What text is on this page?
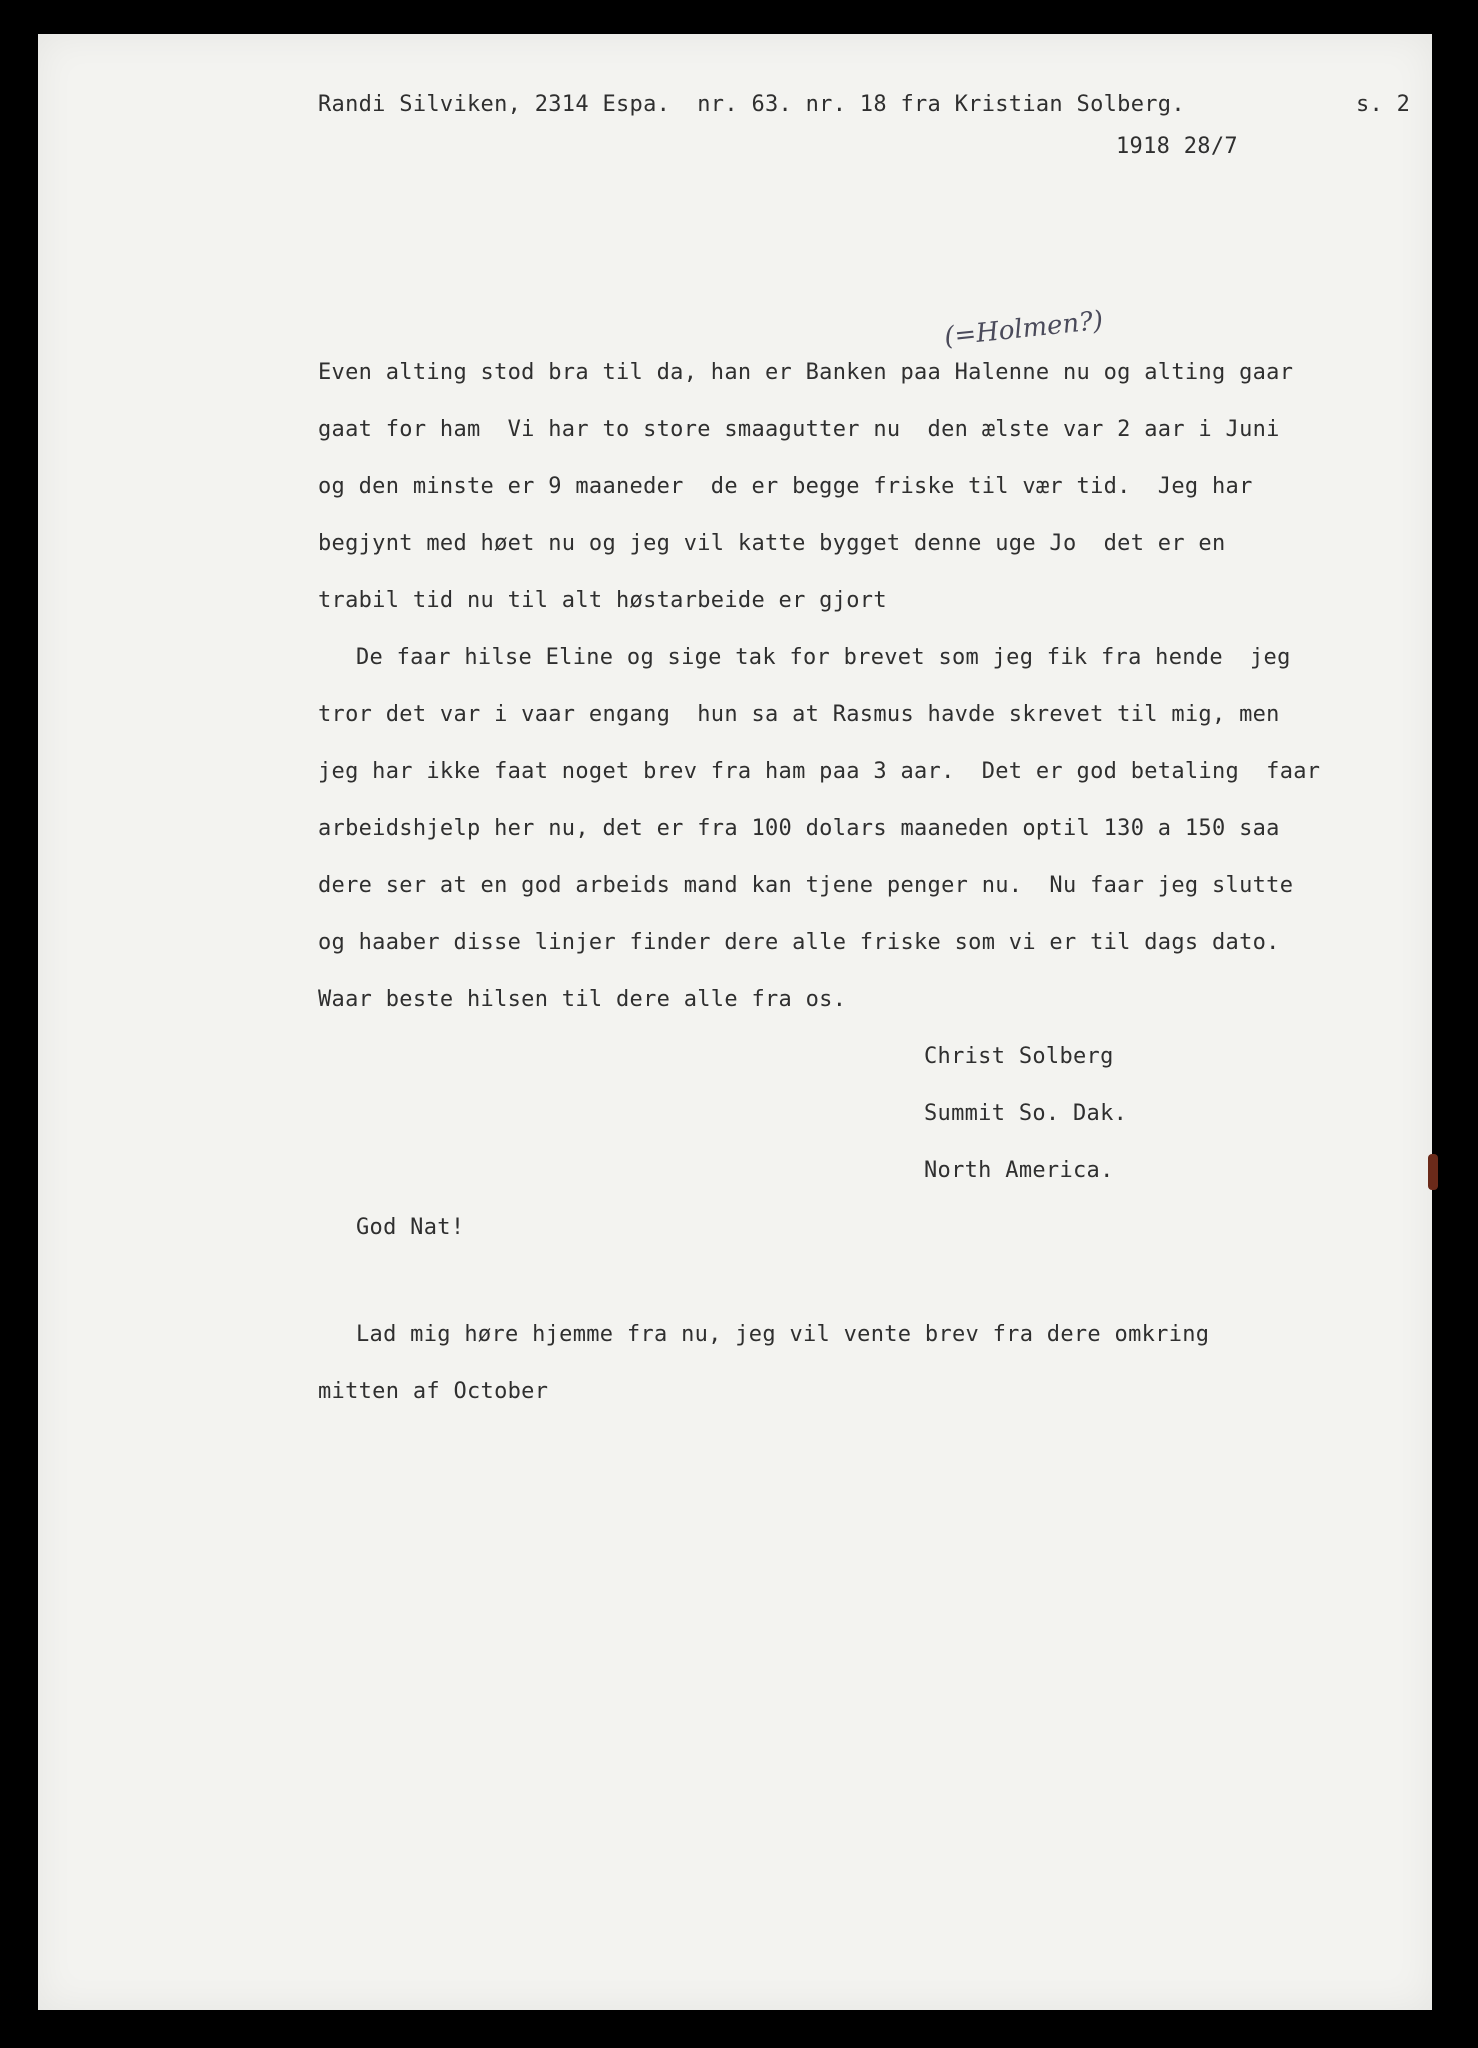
Randi Silviken, 2314 Espa.  nr. 63. nr. 18 fra Kristian Solberg.	s. 2
1918 28/7
(=Holmen?)
Even alting stod bra til da, han er Banken paa Halenne nu og alting gaar
gaat for ham  Vi har to store smaagutter nu  den ælste var 2 aar i Juni
og den minste er 9 maaneder  de er begge friske til vær tid.  Jeg har
begjynt med høet nu og jeg vil katte bygget denne uge Jo  det er en
trabil tid nu til alt høstarbeide er gjort
De faar hilse Eline og sige tak for brevet som jeg fik fra hende  jeg
tror det var i vaar engang  hun sa at Rasmus havde skrevet til mig, men
jeg har ikke faat noget brev fra ham paa 3 aar.  Det er god betaling  faar
arbeidshjelp her nu, det er fra 100 dolars maaneden optil 130 a 150 saa
dere ser at en god arbeids mand kan tjene penger nu.  Nu faar jeg slutte
og haaber disse linjer finder dere alle friske som vi er til dags dato.
Waar beste hilsen til dere alle fra os.
Christ Solberg
Summit So. Dak.
North America.
God Nat!
Lad mig høre hjemme fra nu, jeg vil vente brev fra dere omkring
mitten af October
